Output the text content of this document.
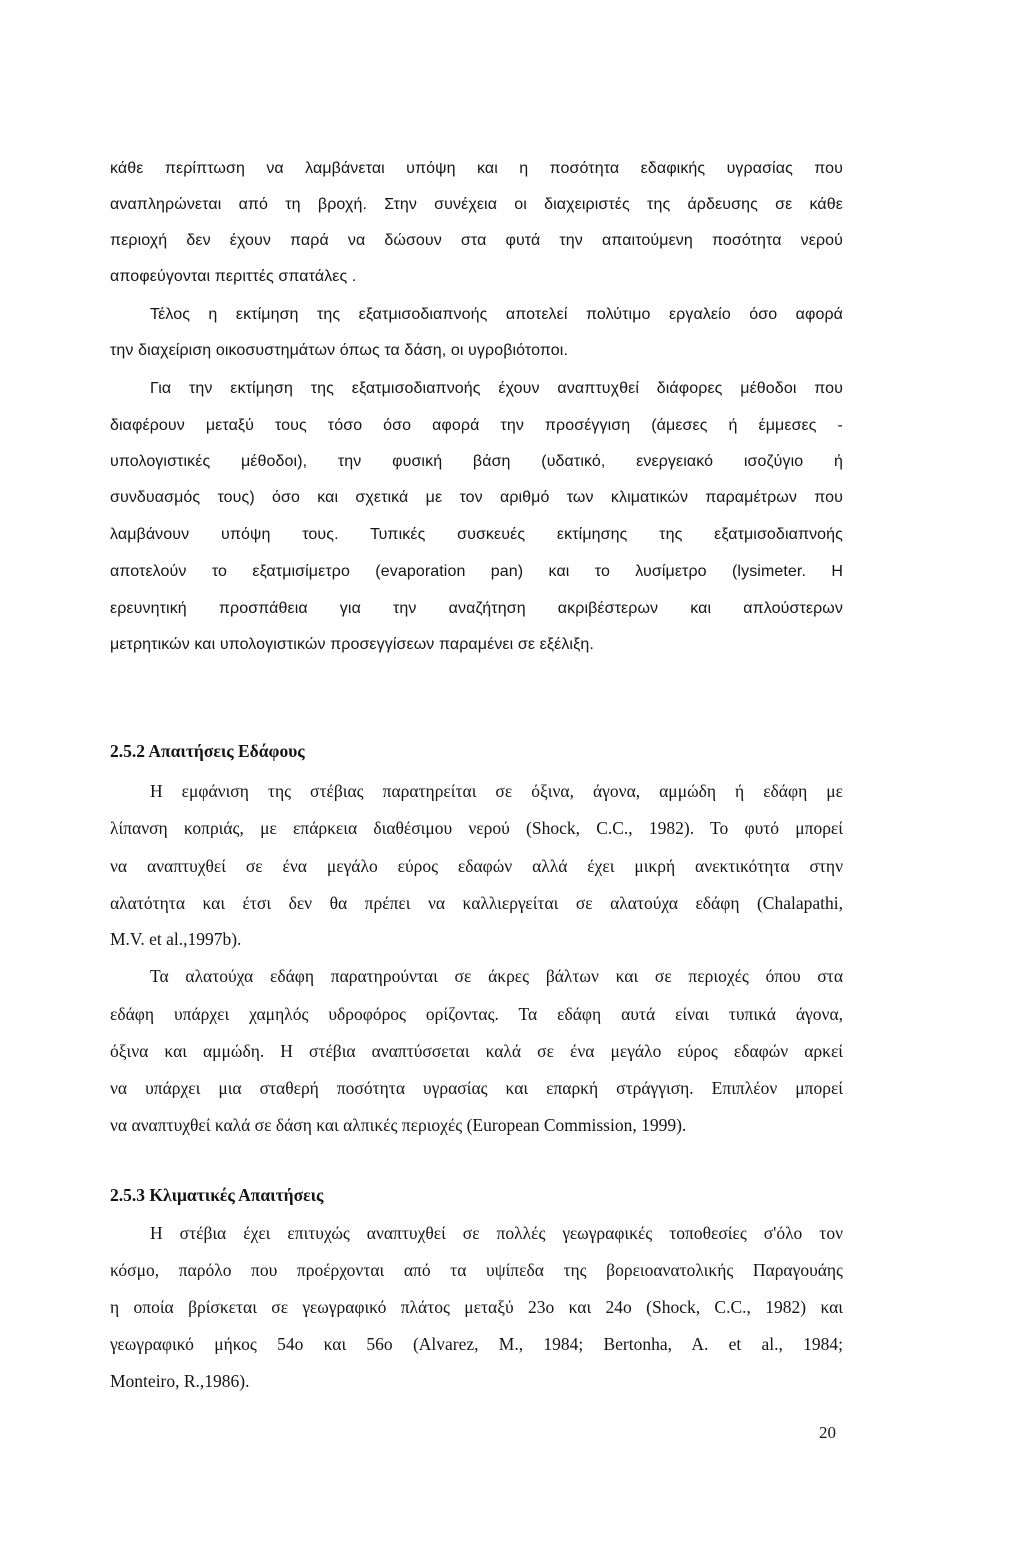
κάθε περίπτωση να λαμβάνεται υπόψη και η ποσότητα εδαφικής υγρασίας που
αναπληρώνεται από τη βροχή. Στην συνέχεια οι διαχειριστές της άρδευσης σε κάθε
περιοχή δεν έχουν παρά να δώσουν στα φυτά την απαιτούμενη ποσότητα νερού
αποφεύγονται περιττές σπατάλες .
Τέλος η εκτίμηση της εξατμισοδιαπνοής αποτελεί πολύτιμο εργαλείο όσο αφορά
την διαχείριση οικοσυστημάτων όπως τα δάση, οι υγροβιότοποι.
Για την εκτίμηση της εξατμισοδιαπνοής έχουν αναπτυχθεί διάφορες μέθοδοι που
διαφέρουν μεταξύ τους τόσο όσο αφορά την προσέγγιση (άμεσες ή έμμεσες -
υπολογιστικές μέθοδοι), την φυσική βάση (υδατικό, ενεργειακό ισοζύγιο ή
συνδυασμός τους) όσο και σχετικά με τον αριθμό των κλιματικών παραμέτρων που
λαμβάνουν υπόψη τους. Τυπικές συσκευές εκτίμησης της εξατμισοδιαπνοής
αποτελούν το εξατμισίμετρο (evaporation pan) και το λυσίμετρο (lysimeter. Η
ερευνητική προσπάθεια για την αναζήτηση ακριβέστερων και απλούστερων
μετρητικών και υπολογιστικών προσεγγίσεων παραμένει σε εξέλιξη.
2.5.2 Απαιτήσεις Εδάφους
Η εμφάνιση της στέβιας παρατηρείται σε όξινα, άγονα, αμμώδη ή εδάφη με
λίπανση κοπριάς, με επάρκεια διαθέσιμου νερού (Shock, C.C., 1982). Το φυτό μπορεί
να αναπτυχθεί σε ένα μεγάλο εύρος εδαφών αλλά έχει μικρή ανεκτικότητα στην
αλατότητα και έτσι δεν θα πρέπει να καλλιεργείται σε αλατούχα εδάφη (Chalapathi,
M.V. et al.,1997b).
Τα αλατούχα εδάφη παρατηρούνται σε άκρες βάλτων και σε περιοχές όπου στα
εδάφη υπάρχει χαμηλός υδροφόρος ορίζοντας. Τα εδάφη αυτά είναι τυπικά άγονα,
όξινα και αμμώδη. Η στέβια αναπτύσσεται καλά σε ένα μεγάλο εύρος εδαφών αρκεί
να υπάρχει μια σταθερή ποσότητα υγρασίας και επαρκή στράγγιση. Επιπλέον μπορεί
να αναπτυχθεί καλά σε δάση και αλπικές περιοχές (European Commission, 1999).
2.5.3 Κλιματικές Απαιτήσεις
Η στέβια έχει επιτυχώς αναπτυχθεί σε πολλές γεωγραφικές τοποθεσίες σ'όλο τον
κόσμο, παρόλο που προέρχονται από τα υψίπεδα της βορειοανατολικής Παραγουάης
η οποία βρίσκεται σε γεωγραφικό πλάτος μεταξύ 23ο και 24ο (Shock, C.C., 1982) και
γεωγραφικό μήκος 54ο και 56ο (Alvarez, M., 1984; Bertonha, A. et al., 1984;
Monteiro, R.,1986).
20
